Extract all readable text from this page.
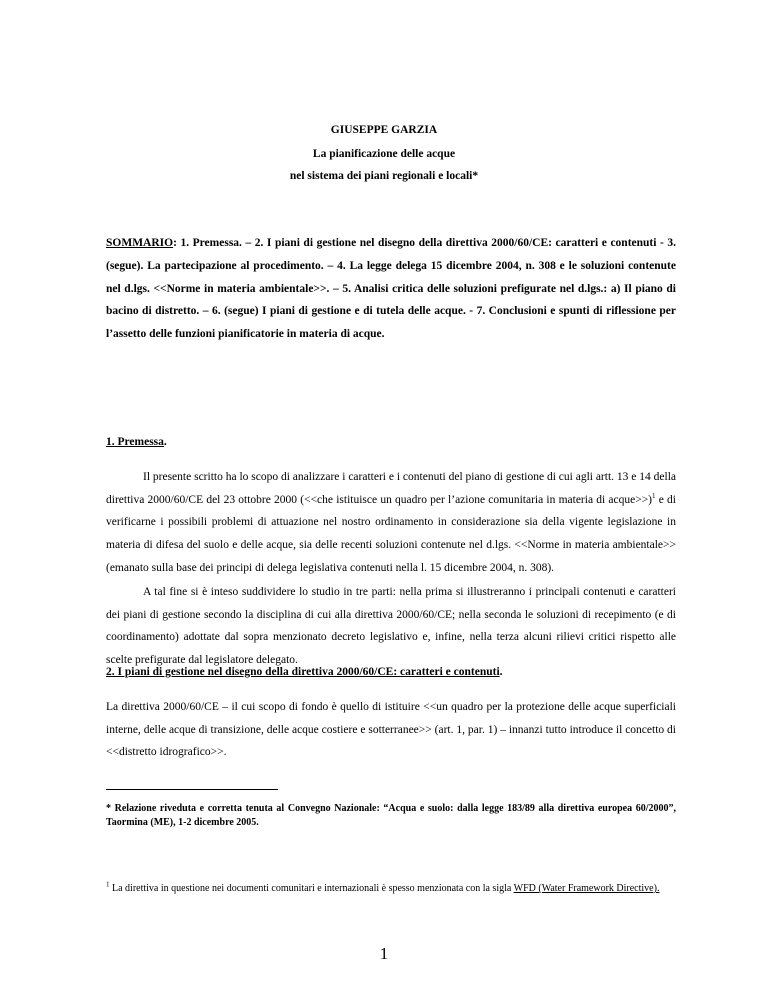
GIUSEPPE GARZIA
La pianificazione delle acque
nel sistema dei piani regionali e locali*
SOMMARIO: 1. Premessa. – 2. I piani di gestione nel disegno della direttiva 2000/60/CE: caratteri e contenuti - 3. (segue). La partecipazione al procedimento. – 4. La legge delega 15 dicembre 2004, n. 308 e le soluzioni contenute nel d.lgs. <<Norme in materia ambientale>>. – 5. Analisi critica delle soluzioni prefigurate nel d.lgs.: a) Il piano di bacino di distretto. – 6. (segue) I piani di gestione e di tutela delle acque. - 7. Conclusioni e spunti di riflessione per l’assetto delle funzioni pianificatorie in materia di acque.
1. Premessa.
Il presente scritto ha lo scopo di analizzare i caratteri e i contenuti del piano di gestione di cui agli artt. 13 e 14 della direttiva 2000/60/CE del 23 ottobre 2000 (<<che istituisce un quadro per l’azione comunitaria in materia di acque>>)$^1$ e di verificarne i possibili problemi di attuazione nel nostro ordinamento in considerazione sia della vigente legislazione in materia di difesa del suolo e delle acque, sia delle recenti soluzioni contenute nel d.lgs. <<Norme in materia ambientale>> (emanato sulla base dei principi di delega legislativa contenuti nella l. 15 dicembre 2004, n. 308).
A tal fine si è inteso suddividere lo studio in tre parti: nella prima si illustreranno i principali contenuti e caratteri dei piani di gestione secondo la disciplina di cui alla direttiva 2000/60/CE; nella seconda le soluzioni di recepimento (e di coordinamento) adottate dal sopra menzionato decreto legislativo e, infine, nella terza alcuni rilievi critici rispetto alle scelte prefigurate dal legislatore delegato.
2. I piani di gestione nel disegno della direttiva 2000/60/CE: caratteri e contenuti.
La direttiva 2000/60/CE – il cui scopo di fondo è quello di istituire <<un quadro per la protezione delle acque superficiali interne, delle acque di transizione, delle acque costiere e sotterranee>> (art. 1, par. 1) – innanzi tutto introduce il concetto di <<distretto idrografico>>.
* Relazione riveduta e corretta tenuta al Convegno Nazionale: “Acqua e suolo: dalla legge 183/89 alla direttiva europea 60/2000”, Taormina (ME), 1-2 dicembre 2005.
$^1$ La direttiva in questione nei documenti comunitari e internazionali è spesso menzionata con la sigla WFD (Water Framework Directive).
1
